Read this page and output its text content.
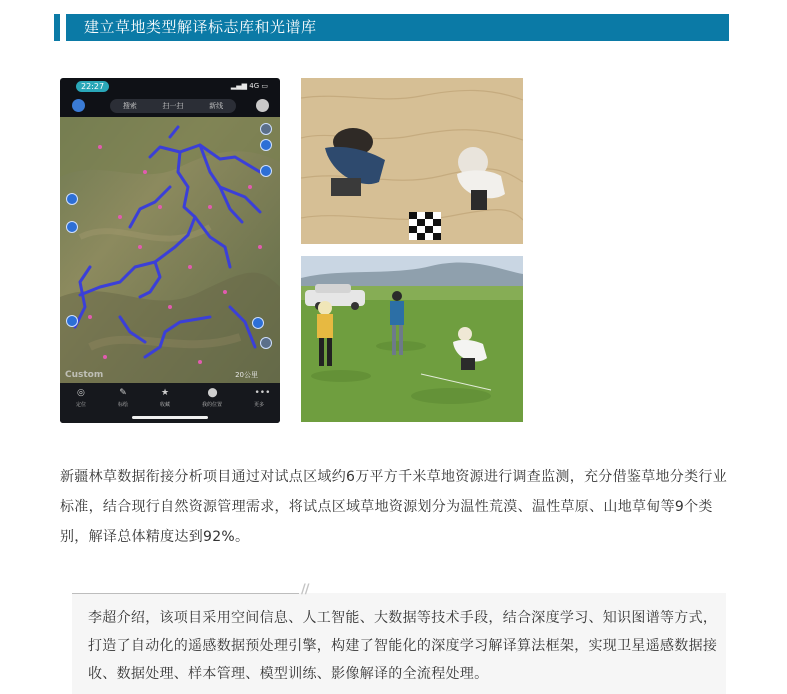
建立草地类型解译标志库和光谱库
22:27	▂▄▆ 4G ▭
搜索	扫一扫	新线
Custom	20公里
◎
定位
✎
标绘
★
收藏
⬤
我的位置
•••
更多

新疆林草数据衔接分析项目通过对试点区域约6万平方千米草地资源进行调查监测，充分借鉴草地分类行业标准，结合现行自然资源管理需求，将试点区域草地资源划分为温性荒漠、温性草原、山地草甸等9个类别，解译总体精度达到92%。

//

李超介绍，该项目采用空间信息、人工智能、大数据等技术手段，结合深度学习、知识图谱等方式，打造了自动化的遥感数据预处理引擎，构建了智能化的深度学习解译算法框架，实现卫星遥感数据接收、数据处理、样本管理、模型训练、影像解译的全流程处理。
